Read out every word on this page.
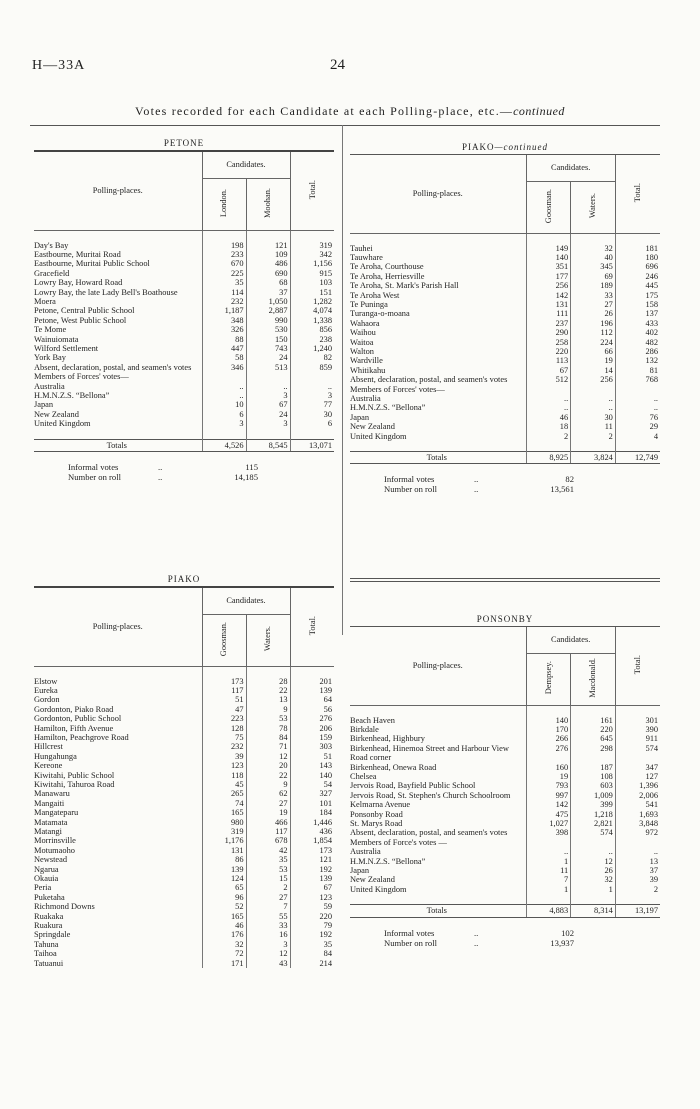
H—33A	24
Votes recorded for each Candidate at each Polling-place, etc.—continued
PETONE
Polling-places.	Candidates.		Total.
	London.	Moohan.	

Day's Bay	198	121	319
Eastbourne, Muritai Road	233	109	342
Eastbourne, Muritai Public School	670	486	1,156
Gracefield	225	690	915
Lowry Bay, Howard Road	35	68	103
Lowry Bay, the late Lady Bell's Boathouse	114	37	151
Moera	232	1,050	1,282
Petone, Central Public School	1,187	2,887	4,074
Petone, West Public School	348	990	1,338
Te Mome	326	530	856
Wainuiomata	88	150	238
Wilford Settlement	447	743	1,240
York Bay	58	24	82
Absent, declaration, postal, and seamen's votes	346	513	859
Members of Forces' votes—			
Australia	..	..	..
H.M.N.Z.S. “Bellona”	..	3	3
Japan	10	67	77
New Zealand	6	24	30
United Kingdom	3	3	6

Totals	4,526	8,545	13,071
Informal votes	..	115
Number on roll	..	14,185
PIAKO
Polling-places.	Candidates.		Total.
	Goosman.	Waters.	

Elstow	173	28	201
Eureka	117	22	139
Gordon	51	13	64
Gordonton, Piako Road	47	9	56
Gordonton, Public School	223	53	276
Hamilton, Fifth Avenue	128	78	206
Hamilton, Peachgrove Road	75	84	159
Hillcrest	232	71	303
Hungahunga	39	12	51
Kereone	123	20	143
Kiwitahi, Public School	118	22	140
Kiwitahi, Tahuroa Road	45	9	54
Manawaru	265	62	327
Mangaiti	74	27	101
Mangateparu	165	19	184
Matamata	980	466	1,446
Matangi	319	117	436
Morrinsville	1,176	678	1,854
Motumaoho	131	42	173
Newstead	86	35	121
Ngarua	139	53	192
Okauia	124	15	139
Peria	65	2	67
Puketaha	96	27	123
Richmond Downs	52	7	59
Ruakaka	165	55	220
Ruakura	46	33	79
Springdale	176	16	192
Tahuna	32	3	35
Taihoa	72	12	84
Tatuanui	171	43	214
PIAKO—continued
Polling-places.	Candidates.		Total.
	Goosman.	Waters.	

Tauhei	149	32	181
Tauwhare	140	40	180
Te Aroha, Courthouse	351	345	696
Te Aroha, Herriesville	177	69	246
Te Aroha, St. Mark's Parish Hall	256	189	445
Te Aroha West	142	33	175
Te Puninga	131	27	158
Turanga-o-moana	111	26	137
Wahaora	237	196	433
Waihou	290	112	402
Waitoa	258	224	482
Walton	220	66	286
Wardville	113	19	132
Whitikahu	67	14	81
Absent, declaration, postal, and seamen's votes	512	256	768
Members of Forces' votes—			
Australia	..	..	..
H.M.N.Z.S. “Bellona”	..	..	..
Japan	46	30	76
New Zealand	18	11	29
United Kingdom	2	2	4

Totals	8,925	3,824	12,749
Informal votes	..	82
Number on roll	..	13,561
PONSONBY
Polling-places.	Candidates.		Total.
	Dempsey.	Macdonald.	

Beach Haven	140	161	301
Birkdale	170	220	390
Birkenhead, Highbury	266	645	911
Birkenhead, Hinemoa Street and Harbour View Road corner	276	298	574
Birkenhead, Onewa Road	160	187	347
Chelsea	19	108	127
Jervois Road, Bayfield Public School	793	603	1,396
Jervois Road, St. Stephen's Church Schoolroom	997	1,009	2,006
Kelmarna Avenue	142	399	541
Ponsonby Road	475	1,218	1,693
St. Marys Road	1,027	2,821	3,848
Absent, declaration, postal, and seamen's votes	398	574	972
Members of Force's votes —			
Australia	..	..	..
H.M.N.Z.S. “Bellona”	1	12	13
Japan	11	26	37
New Zealand	7	32	39
United Kingdom	1	1	2

Totals	4,883	8,314	13,197
Informal votes	..	102
Number on roll	..	13,937
